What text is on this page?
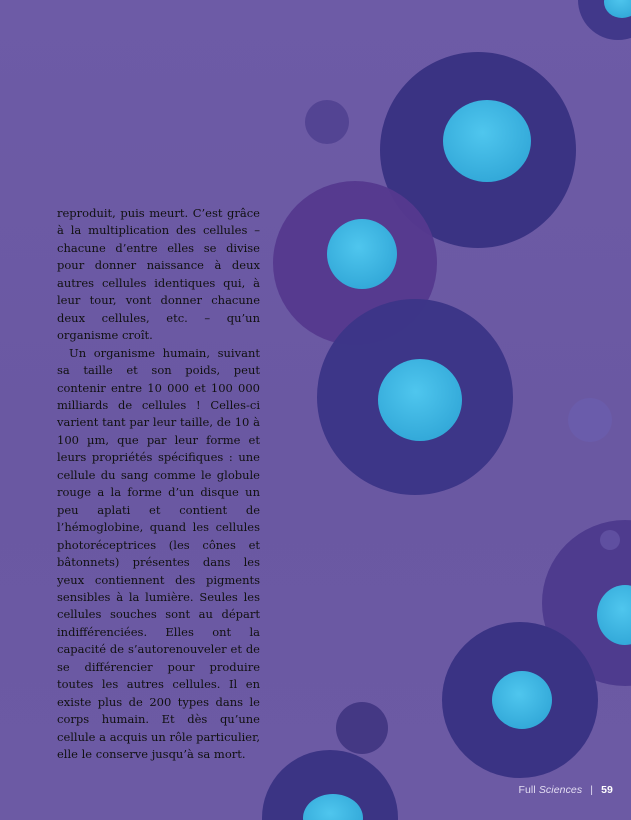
reproduit, puis meurt. C’est grâce à la multiplication des cellules – chacune d’entre elles se divise pour donner naissance à deux autres cellules identiques qui, à leur tour, vont donner chacune deux cellules, etc. – qu’un organisme croît.

Un organisme humain, suivant sa taille et son poids, peut contenir entre 10 000 et 100 000 milliards de cellules ! Celles-ci varient tant par leur taille, de 10 à 100 µm, que par leur forme et leurs propriétés spécifiques : une cellule du sang comme le globule rouge a la forme d’un disque un peu aplati et contient de l’hémoglobine, quand les cellules photoréceptrices (les cônes et bâtonnets) présentes dans les yeux contiennent des pigments sensibles à la lumière. Seules les cellules souches sont au départ indifférenciées. Elles ont la capacité de s’autorenouveler et de se différencier pour produire toutes les autres cellules. Il en existe plus de 200 types dans le corps humain. Et dès qu’une cellule a acquis un rôle particulier, elle le conserve jusqu’à sa mort.

Full Sciences | 59
